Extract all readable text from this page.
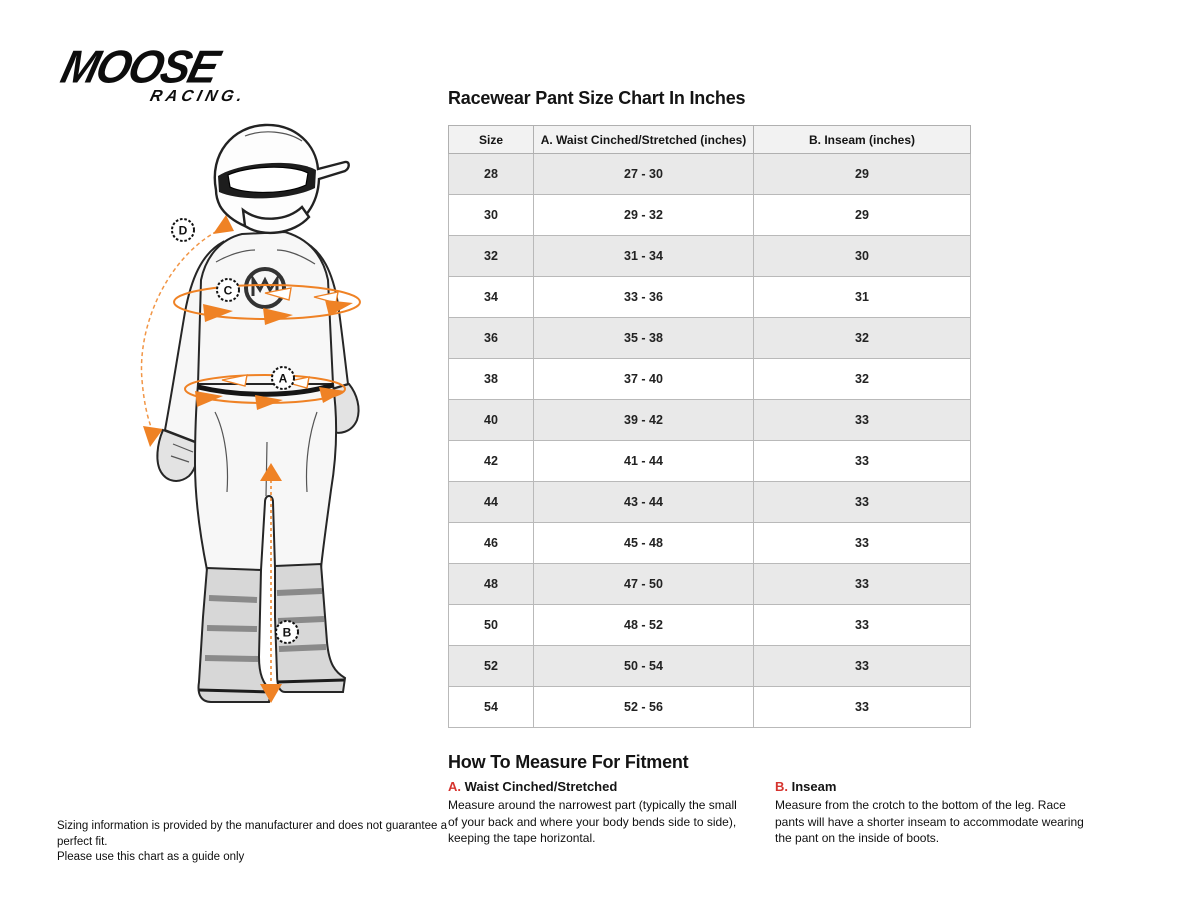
MOOSE
RACING.
D
C
A
B
Racewear Pant Size Chart In Inches
Size	A. Waist Cinched/Stretched (inches)	B. Inseam (inches)
28	27 - 30	29
30	29 - 32	29
32	31 - 34	30
34	33 - 36	31
36	35 - 38	32
38	37 - 40	32
40	39 - 42	33
42	41 - 44	33
44	43 - 44	33
46	45 - 48	33
48	47 - 50	33
50	48 - 52	33
52	50 - 54	33
54	52 - 56	33
How To Measure For Fitment

A. Waist Cinched/Stretched

Measure around the narrowest part (typically the small of your back and where your body bends side to side), keeping the tape horizontal.

B. Inseam

Measure from the crotch to the bottom of the leg. Race pants will have a shorter inseam to accommodate wearing the pant on the inside of boots.

Sizing information is provided by the manufacturer and does not guarantee a perfect fit.
Please use this chart as a guide only
